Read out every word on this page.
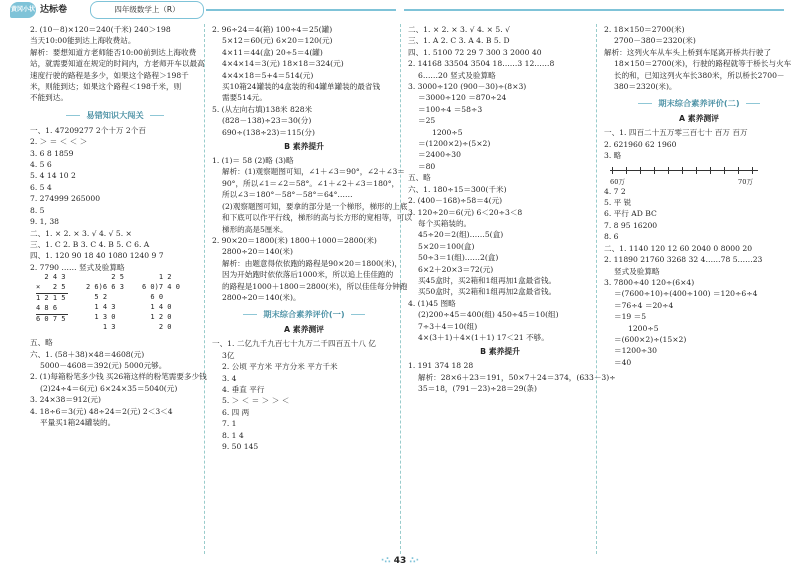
黄冈小状元
达标卷	四年级数学上（R）
2. (10－8)×120＝240(千米) 240＞198
当天10:00能到达上海收费站。
解析：要想知道方老师能否10:00前到达上海收费
站，就需要知道在规定的时间内，方老师开车以最高
速度行驶的路程是多少，如果这个路程＞198千
米，则能到达；如果这个路程＜198千米，则
不能到达。
易错知识大闯关
一、1. 47209277 2个十万 2个百
2. ＞ ＝ ＜ ＜ ＞
3. 6 8 1859
4. 5 6
5. 4 14 10 2
6. 5 4
7. 274999 265000
8. 5
9. 1, 38
二、1. × 2. × 3. √ 4. √ 5. ×
三、1. C 2. B 3. C 4. B 5. C 6. A
四、1. 120 90 18 40 1080 1240 9 7
2. 7790 …… 竖式及验算略
2 4 3
×   2 5
1 2 1 5
4 8 6
6 0 7 5
2 5
2 6)6 6 3
5 2
1 4 3
1 3 0
1 3
1 2
6 0)7 4 0
6 0
1 4 0
1 2 0
2 0
五、略
六、1. (58＋38)×48＝4608(元)
5000－4608＝392(元) 5000元够。
2. (1)每箱粉笔多少钱 买26箱这样的粉笔需要多少钱
(2)24÷4＝6(元) 6×24×35＝5040(元)
3. 24×38＝912(元)
4. 18÷6＝3(元) 48÷24＝2(元) 2＜3＜4
平量买1箱24罐装的。
2. 96÷24＝4(箱) 100÷4＝25(罐)
5×12＝60(元) 6×20＝120(元)
4×11＝44(盒) 20÷5＝4(罐)
4×4×14＝3(元) 18×18＝324(元)
4×4×18＝5+4＝514(元)
买10箱24罐装的4盒装的和4罐单罐装的最省钱
需要514元。
5. (从左向右填)138米 828米
(828－138)÷23＝30(分)
690÷(138÷23)＝115(分)
B 素养提升
1. (1)＝ 58 (2)略 (3)略
解析：(1)观察题图可知，∠1＋∠3＝90°，∠2＋∠3＝
90°，所以∠1＝∠2＝58°。∠1＋∠2＋∠3＝180°，
所以∠3＝180°－58°－58°＝64°……
(2)观察题图可知，要拿的部分是一个梯形，梯形的上底
和下底可以作平行线，梯形的高与长方形的宽相等，可以
梯形的高是5厘米。
2. 90×20＝1800(米) 1800＋1000＝2800(米)
2800÷20＝140(米)
解析：由题意得依依跑的路程是90×20＝1800(米)，
因为开始跑时依依落后1000米，所以追上佳佳跑的
的路程是1000＋1800＝2800(米)，所以佳佳每分钟跑
2800÷20＝140(米)。
期末综合素养评价(一)
A 素养测评
一、1. 二亿九千九百七十九万二千四百五十八 亿
3亿
2. 公顷 平方米 平方分米 平方千米
3. 4
4. 垂直 平行
5. ＞ ＜ ＝ ＞ ＞ ＜
6. 四 两
7. 1
8. 1 4
9. 50 145
二、1. × 2. × 3. √ 4. × 5. √
三、1. A 2. C 3. A 4. B 5. D
四、1. 5100 72 29 7 300 3 2000 40
2. 14168 33504 3504 18……3 12……8
6……20 竖式及验算略
3. 3000÷120 (900－30)÷(8×3)
＝3000÷120 ＝870÷24
＝100÷4 ＝58÷3
＝25
1200÷5
＝(1200×2)÷(5×2)
＝2400÷30
＝80
五、略
六、1. 180÷15＝300(千米)
2. (400－168)÷58＝4(元)
3. 120÷20＝6(元) 6＜20÷3＜8
每个买箱装的。
45÷20＝2(组)……5(盒)
5×20＝100(盒)
50÷3＝1(组)……2(盒)
6×2＋20×3＝72(元)
买45盒时，买2箱和1组再加1盒最省钱。
买50盒时，买2箱和1组再加2盒最省钱。
4. (1)45 图略
(2)200÷45＝400(组) 450÷45＝10(组)
7÷3＋4＝10(组)
4×(3＋1)＋4×(1＋1) 17＜21 不够。
B 素养提升
1. 191 374 18 28
解析：28×6＋23＝191，50×7＋24＝374，(633－3)÷
35＝18，(791－23)÷28＝29(条)
2. 18×150＝2700(米)
2700－380＝2320(米)
解析：这列火车从车头上桥到车尾离开桥共行驶了
18×150＝2700(米)，行驶的路程就等于桥长与火车
长的和，已知这列火车长380米，所以桥长2700－
380＝2320(米)。
期末综合素养评价(二)
A 素养测评
一、1. 四百二十五万零三百七十 百万 百万
2. 621960 62 1960
3. 略
60万	70万
4. 7 2
5. 平 锐
6. 平行 AD BC
7. 8 95 16200
8. 6
二、1. 1140 120 12 60 2040 0 8000 20
2. 11890 21760 3268 32 4……78 5……23
竖式及验算略
3. 7800÷40 120÷(6×4)
＝(7600÷10)÷(400÷100) ＝120÷6÷4
＝76÷4 ＝20÷4
＝19 ＝5
1200÷5
＝(600×2)÷(15×2)
＝1200÷30
＝40
·∴ 43 ∴·
